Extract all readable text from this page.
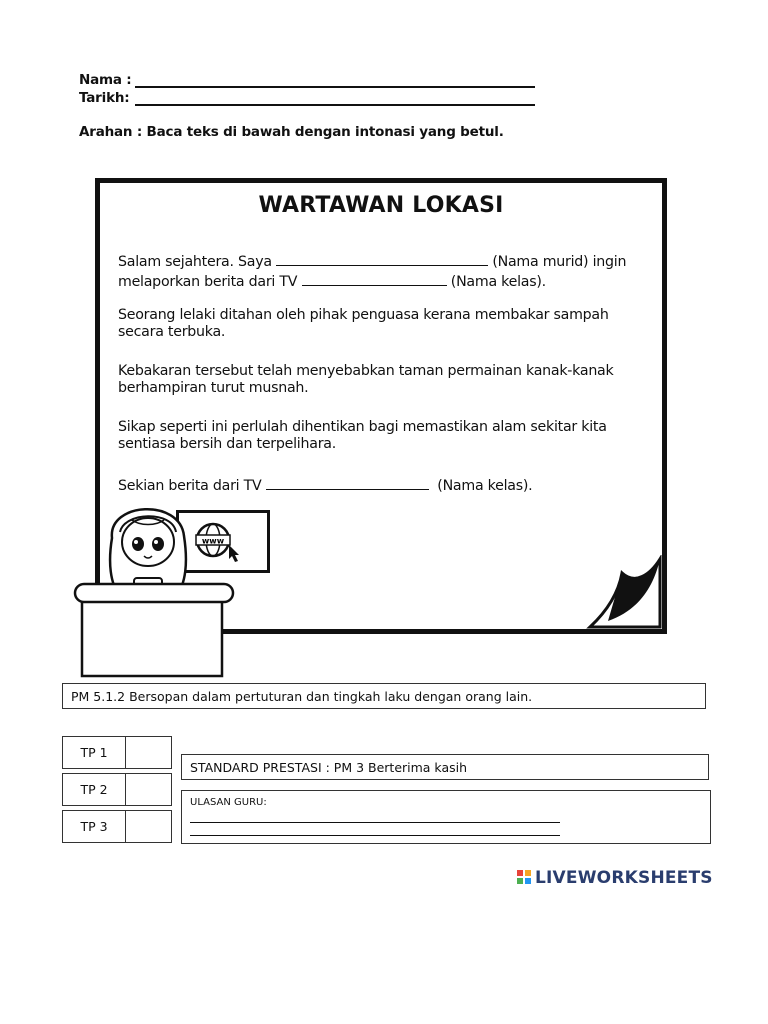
Nama :
Tarikh:
Arahan : Baca teks di bawah dengan intonasi yang betul.
WARTAWAN LOKASI
Salam sejahtera. Saya	(Nama murid) ingin
melaporkan berita dari TV	(Nama kelas).
Seorang lelaki ditahan oleh pihak penguasa kerana membakar sampah secara terbuka.
Kebakaran tersebut telah menyebabkan taman permainan kanak-kanak berhampiran turut musnah.
Sikap seperti ini perlulah dihentikan bagi memastikan alam sekitar kita sentiasa bersih dan terpelihara.
Sekian berita dari TV	(Nama kelas).
www
PM 5.1.2 Bersopan dalam pertuturan dan tingkah laku dengan orang lain.
TP 1
TP 2
TP 3
STANDARD PRESTASI : PM 3 Berterima kasih
ULASAN GURU:
LIVEWORKSHEETS
